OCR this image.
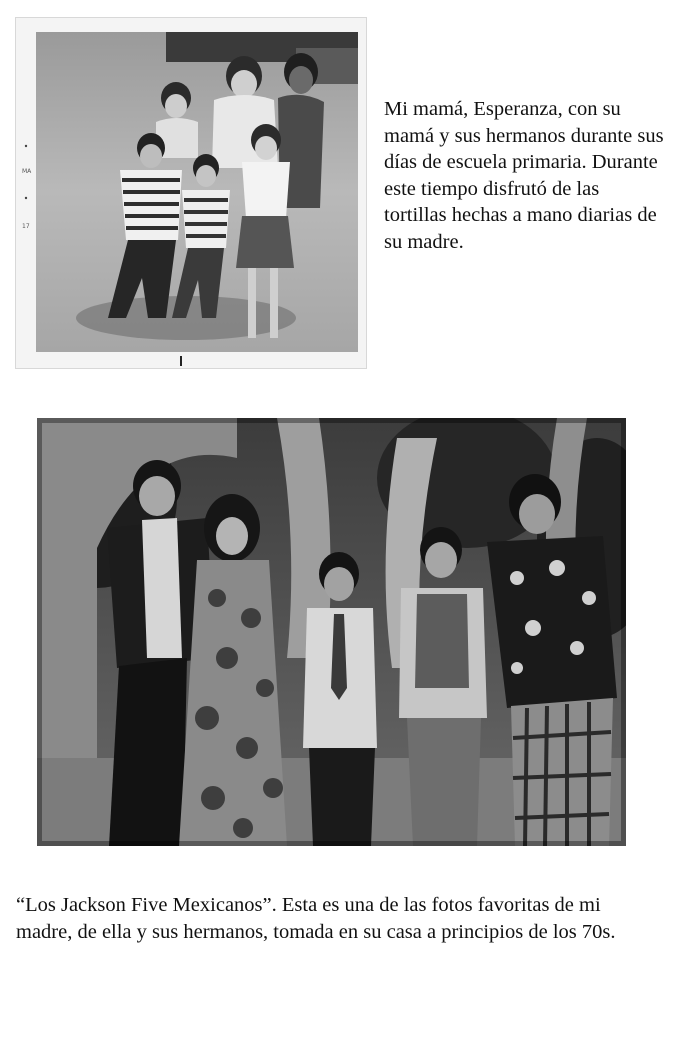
MA
17

Mi mamá, Esperanza, con su mamá y sus hermanos durante sus días de escuela primaria. Durante este tiempo disfrutó de las tortillas hechas a mano diarias de su madre.

“Los Jackson Five Mexicanos”. Esta es una de las fotos favoritas de mi madre, de ella y sus hermanos, tomada en su casa a principios de los 70s.
